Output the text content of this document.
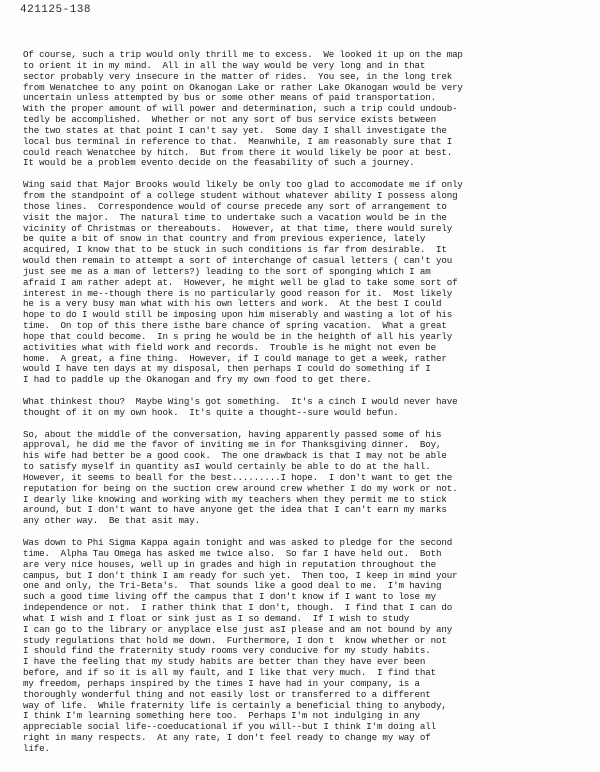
421125-138
Of course, such a trip would only thrill me to excess.  We looked it up on the map
to orient it in my mind.  All in all the way would be very long and in that
sector probably very insecure in the matter of rides.  You see, in the long trek
from Wenatchee to any point on Okanogan Lake or rather Lake Okanogan would be very
uncertain unless attempted by bus or some other means of paid transportation.
With the proper amount of will power and determination, such a trip could undoub-
tedly be accomplished.  Whether or not any sort of bus service exists between
the two states at that point I can't say yet.  Some day I shall investigate the
local bus terminal in reference to that.  Meanwhile, I am reasonably sure that I
could reach Wenatchee by hitch.  But from there it would likely be poor at best.
It would be a problem evento decide on the feasability of such a journey.
Wing said that Major Brooks would likely be only too glad to accomodate me if only
from the standpoint of a college student without whatever ability I possess along
those lines.  Correspondence would of course precede any sort of arrangement to
visit the major.  The natural time to undertake such a vacation would be in the
vicinity of Christmas or thereabouts.  However, at that time, there would surely
be quite a bit of snow in that country and from previous experience, lately
acquired, I know that to be stuck in such conditions is far from desirable.  It
would then remain to attempt a sort of interchange of casual letters ( can't you
just see me as a man of letters?) leading to the sort of sponging which I am
afraid I am rather adept at.  However, he might well be glad to take some sort of
interest in me--though there is no particularly good reason for it.  Most likely
he is a very busy man what with his own letters and work.  At the best I could
hope to do I would still be imposing upon him miserably and wasting a lot of his
time.  On top of this there isthe bare chance of spring vacation.  What a great
hope that could become.  In s pring he would be in the heighth of all his yearly
activities what with field work and records.  Trouble is he might not even be
home.  A great, a fine thing.  However, if I could manage to get a week, rather
would I have ten days at my disposal, then perhaps I could do something if I
I had to paddle up the Okanogan and fry my own food to get there.
What thinkest thou?  Maybe Wing's got something.  It's a cinch I would never have
thought of it on my own hook.  It's quite a thought--sure would befun.
So, about the middle of the conversation, having apparently passed some of his
approval, he did me the favor of inviting me in for Thanksgiving dinner.  Boy,
his wife had better be a good cook.  The one drawback is that I may not be able
to satisfy myself in quantity asI would certainly be able to do at the hall.
However, it seems to beall for the best.........I hope.  I don't want to get the
reputation for being on the suction crew around crew whether I do my work or not.
I dearly like knowing and working with my teachers when they permit me to stick
around, but I don't want to have anyone get the idea that I can't earn my marks
any other way.  Be that asit may.
Was down to Phi Sigma Kappa again tonight and was asked to pledge for the second
time.  Alpha Tau Omega has asked me twice also.  So far I have held out.  Both
are very nice houses, well up in grades and high in reputation throughout the
campus, but I don't think I am ready for such yet.  Then too, I keep in mind your
one and only, the Tri-Beta's.  That sounds like a good deal to me.  I'm having
such a good time living off the campus that I don't know if I want to lose my
independence or not.  I rather think that I don't, though.  I find that I can do
what I wish and I float or sink just as I so demand.  If I wish to study
I can go to the library or anyplace else just asI please and am not bound by any
study regulations that hold me down.  Furthermore, I don t  know whether or not
I should find the fraternity study rooms very conducive for my study habits.
I have the feeling that my study habits are better than they have ever been
before, and if so it is all my fault, and I like that very much.  I find that
my freedom, perhaps inspired by the times I have had in your company, is a
thoroughly wonderful thing and not easily lost or transferred to a different
way of life.  While fraternity life is certainly a beneficial thing to anybody,
I think I'm learning something here too.  Perhaps I'm not indulging in any
appreciable social life--coeducational if you will--but I think I'm doing all
right in many respects.  At any rate, I don't feel ready to change my way of
life.
